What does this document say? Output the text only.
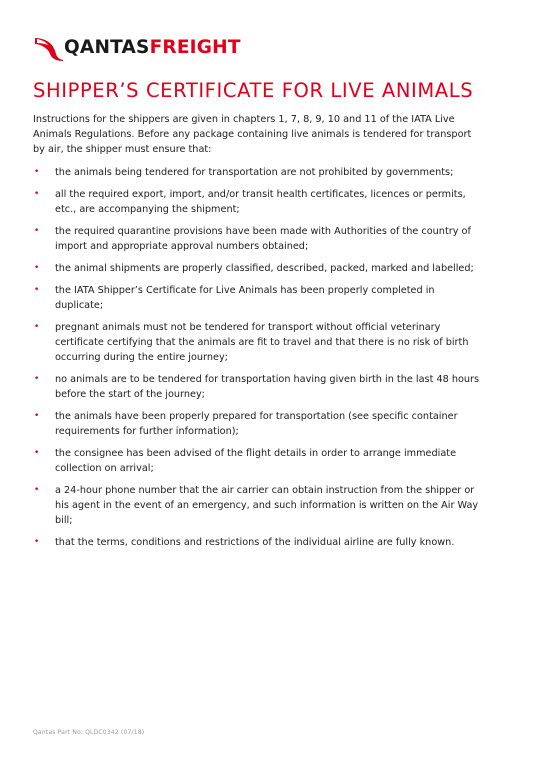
QANTASFREIGHT
SHIPPER’S CERTIFICATE FOR LIVE ANIMALS

Instructions for the shippers are given in chapters 1, 7, 8, 9, 10 and 11 of the IATA Live Animals Regulations. Before any package containing live animals is tendered for transport by air, the shipper must ensure that:

• the animals being tendered for transportation are not prohibited by governments;
• all the required export, import, and/or transit health certificates, licences or permits, etc., are accompanying the shipment;
• the required quarantine provisions have been made with Authorities of the country of import and appropriate approval numbers obtained;
• the animal shipments are properly classified, described, packed, marked and labelled;
• the IATA Shipper’s Certificate for Live Animals has been properly completed in duplicate;
• pregnant animals must not be tendered for transport without official veterinary certificate certifying that the animals are fit to travel and that there is no risk of birth occurring during the entire journey;
• no animals are to be tendered for transportation having given birth in the last 48 hours before the start of the journey;
• the animals have been properly prepared for transportation (see specific container requirements for further information);
• the consignee has been advised of the flight details in order to arrange immediate collection on arrival;
• a 24-hour phone number that the air carrier can obtain instruction from the shipper or his agent in the event of an emergency, and such information is written on the Air Way bill;
• that the terms, conditions and restrictions of the individual airline are fully known.
Qantas Part No. QLDC0342 (07/18)
